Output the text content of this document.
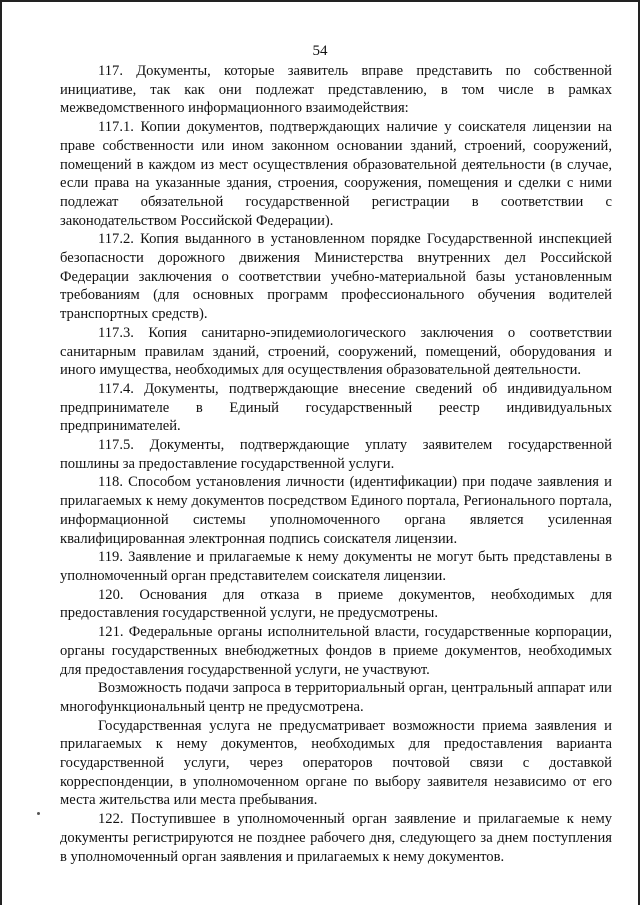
54

117. Документы, которые заявитель вправе представить по собственной инициативе, так как они подлежат представлению, в том числе в рамках межведомственного информационного взаимодействия:

117.1. Копии документов, подтверждающих наличие у соискателя лицензии на праве собственности или ином законном основании зданий, строений, сооружений, помещений в каждом из мест осуществления образовательной деятельности (в случае, если права на указанные здания, строения, сооружения, помещения и сделки с ними подлежат обязательной государственной регистрации в соответствии с законодательством Российской Федерации).

117.2. Копия выданного в установленном порядке Государственной инспекцией безопасности дорожного движения Министерства внутренних дел Российской Федерации заключения о соответствии учебно-материальной базы установленным требованиям (для основных программ профессионального обучения водителей транспортных средств).

117.3. Копия санитарно-эпидемиологического заключения о соответствии санитарным правилам зданий, строений, сооружений, помещений, оборудования и иного имущества, необходимых для осуществления образовательной деятельности.

117.4. Документы, подтверждающие внесение сведений об индивидуальном предпринимателе в Единый государственный реестр индивидуальных предпринимателей.

117.5. Документы, подтверждающие уплату заявителем государственной пошлины за предоставление государственной услуги.

118. Способом установления личности (идентификации) при подаче заявления и прилагаемых к нему документов посредством Единого портала, Регионального портала, информационной системы уполномоченного органа является усиленная квалифицированная электронная подпись соискателя лицензии.

119. Заявление и прилагаемые к нему документы не могут быть представлены в уполномоченный орган представителем соискателя лицензии.

120. Основания для отказа в приеме документов, необходимых для предоставления государственной услуги, не предусмотрены.

121. Федеральные органы исполнительной власти, государственные корпорации, органы государственных внебюджетных фондов в приеме документов, необходимых для предоставления государственной услуги, не участвуют.

Возможность подачи запроса в территориальный орган, центральный аппарат или многофункциональный центр не предусмотрена.

Государственная услуга не предусматривает возможности приема заявления и прилагаемых к нему документов, необходимых для предоставления варианта государственной услуги, через операторов почтовой связи с доставкой корреспонденции, в уполномоченном органе по выбору заявителя независимо от его места жительства или места пребывания.

122. Поступившее в уполномоченный орган заявление и прилагаемые к нему документы регистрируются не позднее рабочего дня, следующего за днем поступления в уполномоченный орган заявления и прилагаемых к нему документов.
